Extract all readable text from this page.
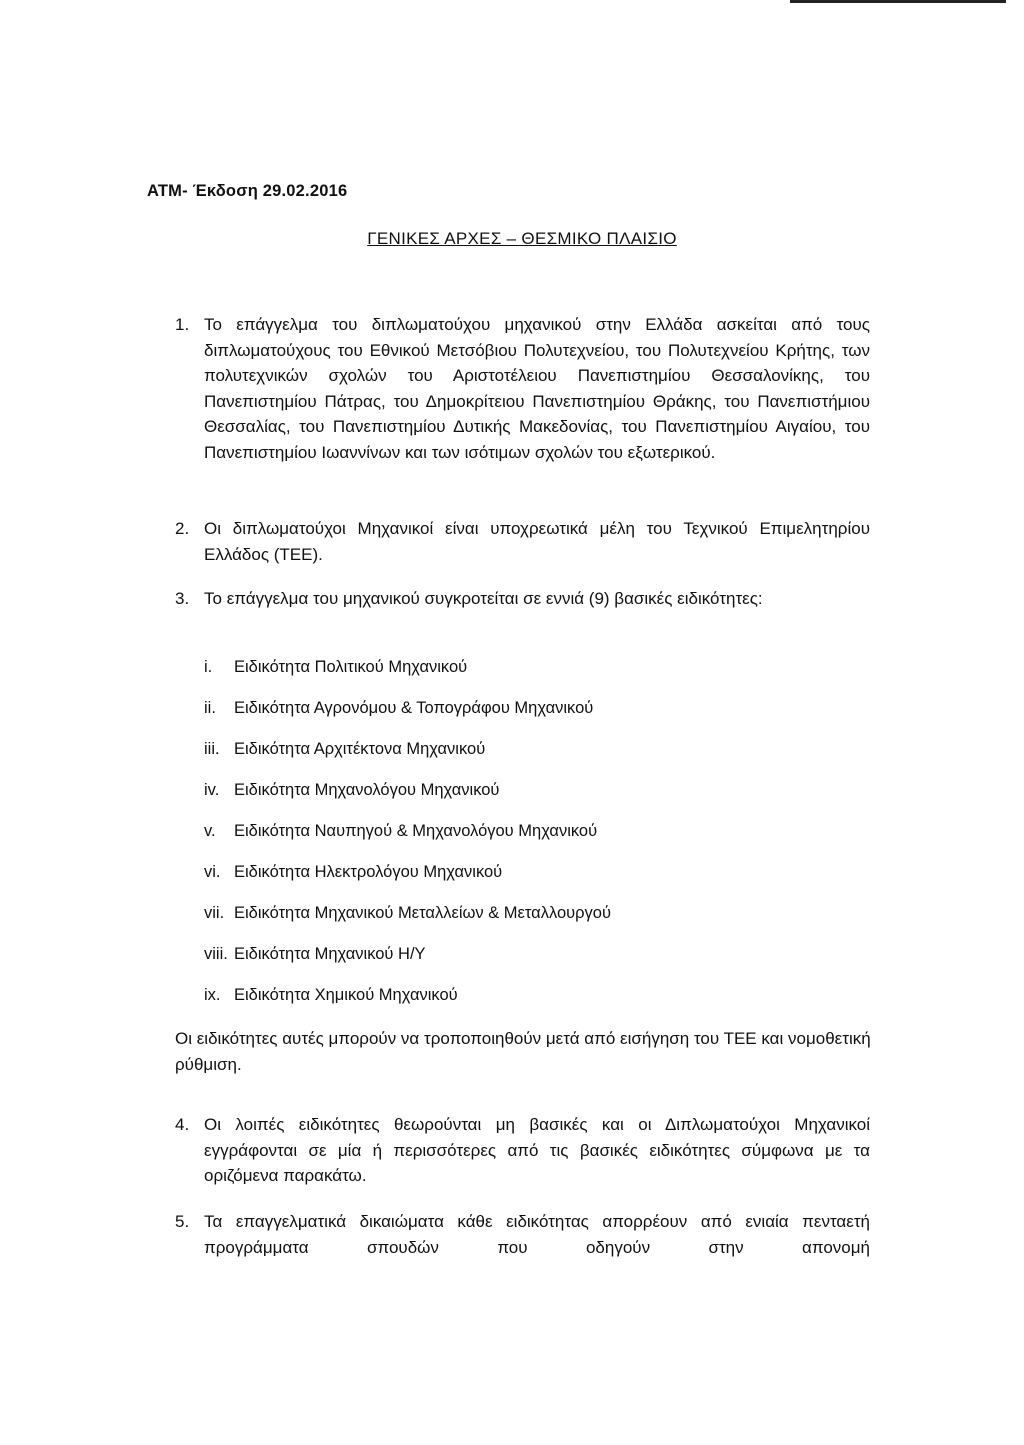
ATM- Έκδοση 29.02.2016
ΓΕΝΙΚΕΣ ΑΡΧΕΣ – ΘΕΣΜΙΚΟ ΠΛΑΙΣΙΟ
1. Το επάγγελμα του διπλωματούχου μηχανικού στην Ελλάδα ασκείται από τους διπλωματούχους του Εθνικού Μετσόβιου Πολυτεχνείου, του Πολυτεχνείου Κρήτης, των πολυτεχνικών σχολών του Αριστοτέλειου Πανεπιστημίου Θεσσαλονίκης, του Πανεπιστημίου Πάτρας, του Δημοκρίτειου Πανεπιστημίου Θράκης, του Πανεπιστήμιου Θεσσαλίας, του Πανεπιστημίου Δυτικής Μακεδονίας, του Πανεπιστημίου Αιγαίου, του Πανεπιστημίου Ιωαννίνων και των ισότιμων σχολών του εξωτερικού.
2. Οι διπλωματούχοι Μηχανικοί είναι υποχρεωτικά μέλη του Τεχνικού Επιμελητηρίου Ελλάδος (ΤΕΕ).
3. Το επάγγελμα του μηχανικού συγκροτείται σε εννιά (9) βασικές ειδικότητες:
i. Ειδικότητα Πολιτικού Μηχανικού
ii. Ειδικότητα Αγρονόμου & Τοπογράφου Μηχανικού
iii. Ειδικότητα Αρχιτέκτονα Μηχανικού
iv. Ειδικότητα Μηχανολόγου Μηχανικού
v. Ειδικότητα Ναυπηγού & Μηχανολόγου Μηχανικού
vi. Ειδικότητα Ηλεκτρολόγου Μηχανικού
vii. Ειδικότητα Μηχανικού Μεταλλείων & Μεταλλουργού
viii. Ειδικότητα Μηχανικού Η/Υ
ix. Ειδικότητα Χημικού Μηχανικού
Οι ειδικότητες αυτές μπορούν να τροποποιηθούν μετά από εισήγηση του ΤΕΕ και νομοθετική ρύθμιση.
4. Οι λοιπές ειδικότητες θεωρούνται μη βασικές και οι Διπλωματούχοι Μηχανικοί εγγράφονται σε μία ή περισσότερες από τις βασικές ειδικότητες σύμφωνα με τα οριζόμενα παρακάτω.
5. Τα επαγγελματικά δικαιώματα κάθε ειδικότητας απορρέουν από ενιαία πενταετή προγράμματα σπουδών που οδηγούν στην απονομή
